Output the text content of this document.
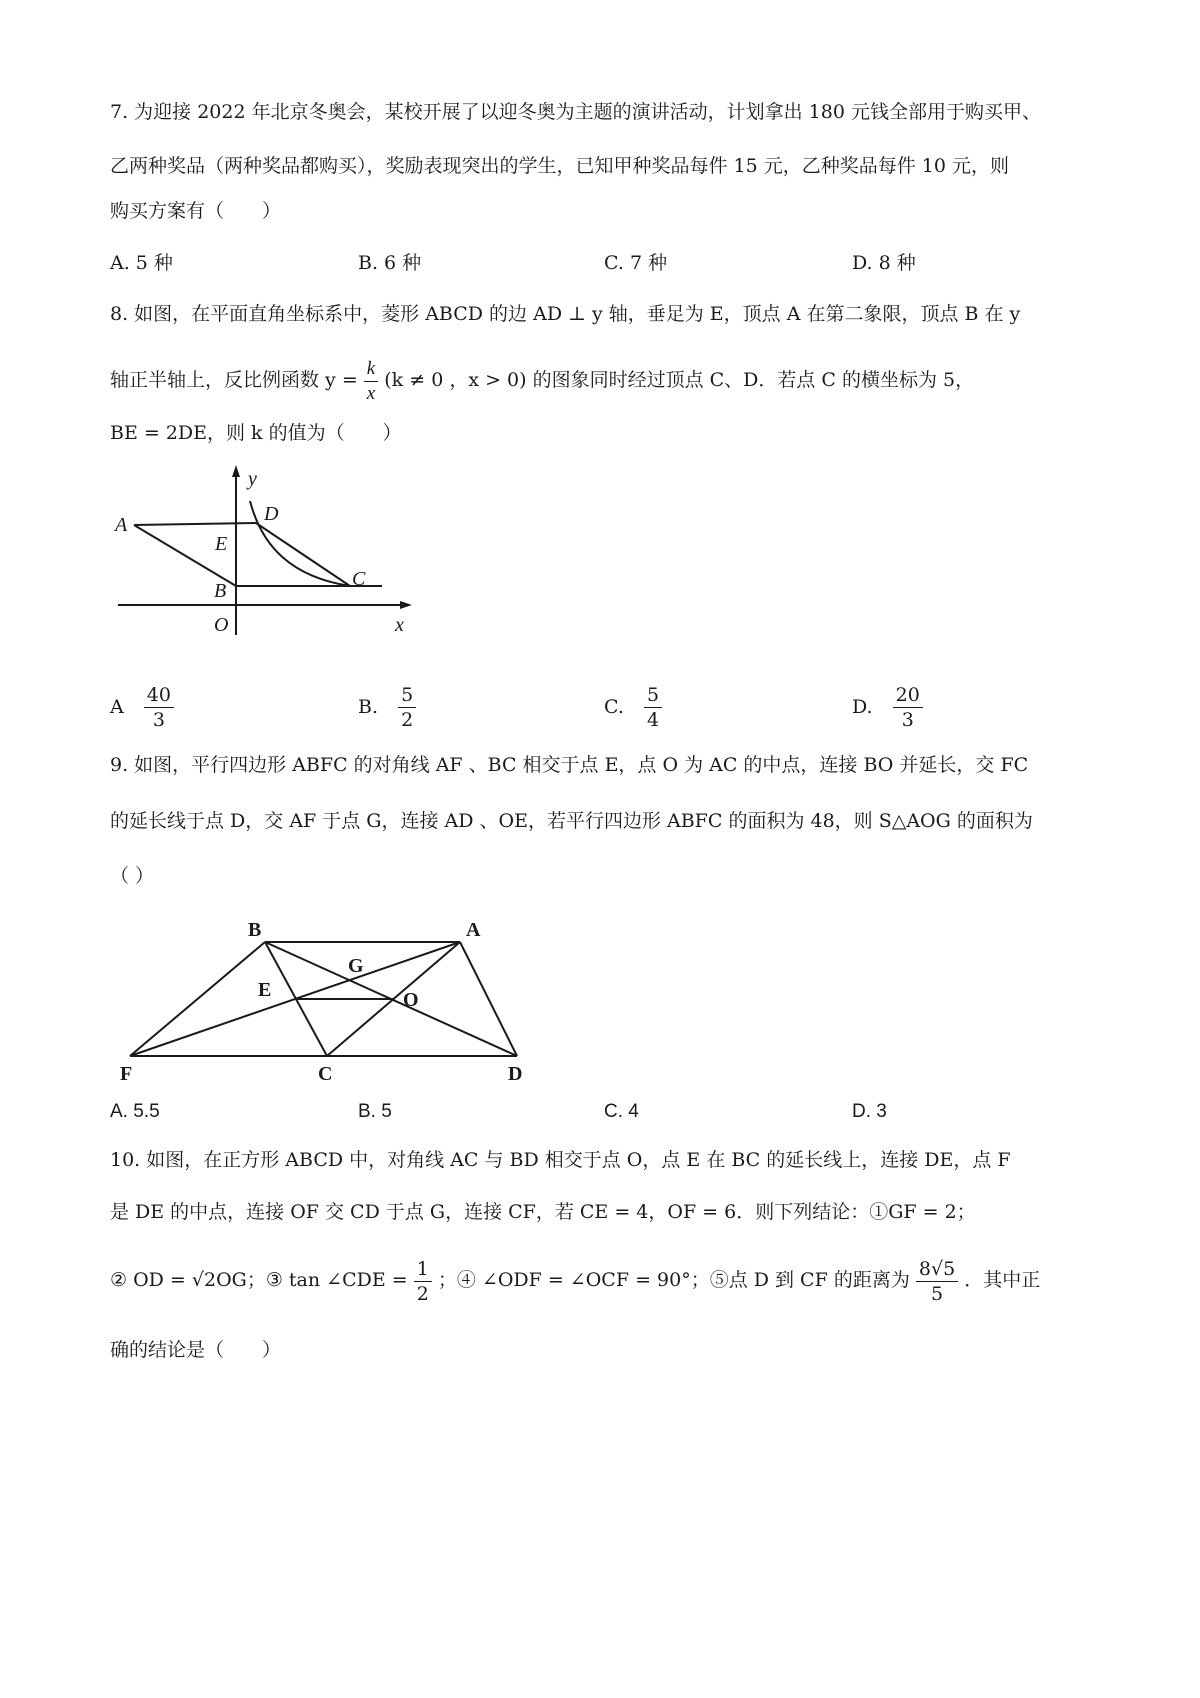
7. 为迎接 2022 年北京冬奥会，某校开展了以迎冬奥为主题的演讲活动，计划拿出 180 元钱全部用于购买甲、
乙两种奖品（两种奖品都购买），奖励表现突出的学生，已知甲种奖品每件 15 元，乙种奖品每件 10 元，则
购买方案有（　　）
A. 5 种	B. 6 种	C. 7 种	D. 8 种
8. 如图，在平面直角坐标系中，菱形 ABCD 的边 AD ⊥ y 轴，垂足为 E，顶点 A 在第二象限，顶点 B 在 y
轴正半轴上，反比例函数 $y = \frac{k}{x} (k \ne 0$ ，x > 0) 的图象同时经过顶点 C、D．若点 C 的横坐标为 5，
BE = 2DE，则 k 的值为（　　）
A
B
C
D
E
O	x
y
A $\frac{40}{3}$	B. $\frac{5}{2}$	C. $\frac{5}{4}$	D. $\frac{20}{3}$
9. 如图，平行四边形 ABFC 的对角线 AF 、BC 相交于点 E，点 O 为 AC 的中点，连接 BO 并延长，交 FC
的延长线于点 D，交 AF 于点 G，连接 AD 、OE，若平行四边形 ABFC 的面积为 48，则 S△AOG 的面积为
（ ）
B	A
F	C	D
G
E	O
A. 5.5	B. 5	C. 4	D. 3
10. 如图，在正方形 ABCD 中，对角线 AC 与 BD 相交于点 O，点 E 在 BC 的延长线上，连接 DE，点 F
是 DE 的中点，连接 OF 交 CD 于点 G，连接 CF，若 CE = 4，OF = 6．则下列结论：①GF = 2；
② OD = √2OG；③ tan ∠CDE = $\frac{1}{2}$ ；④ ∠ODF = ∠OCF = 90°；⑤点 D 到 CF 的距离为 $\frac{8√5}{5}$ ．其中正
确的结论是（　　）
